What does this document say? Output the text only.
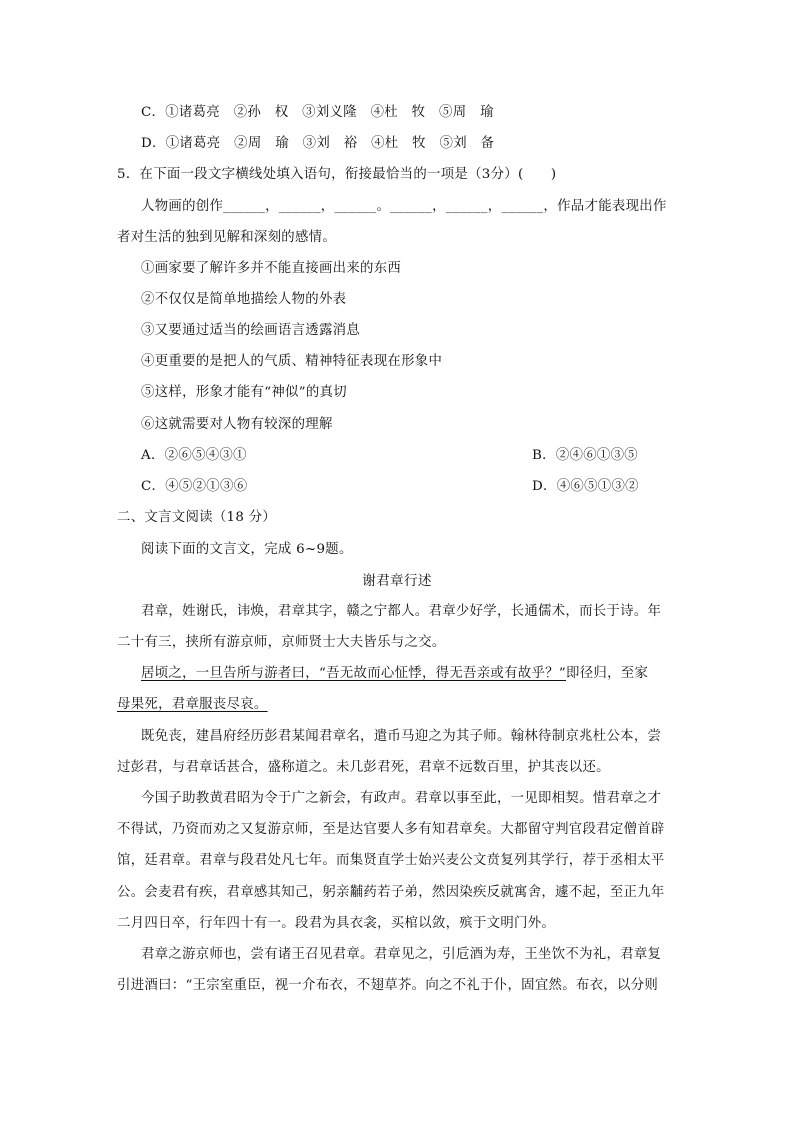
C．①诸葛亮　②孙　权　③刘义隆　④杜　牧　⑤周　瑜

D．①诸葛亮　②周　瑜　③刘　裕　④杜　牧　⑤刘　备

5．在下面一段文字横线处填入语句，衔接最恰当的一项是（3分）(　　)

人物画的创作______，______，______。______，______，______，作品才能表现出作

者对生活的独到见解和深刻的感情。

①画家要了解许多并不能直接画出来的东西

②不仅仅是简单地描绘人物的外表

③又要通过适当的绘画语言透露消息

④更重要的是把人的气质、精神特征表现在形象中

⑤这样，形象才能有“神似”的真切

⑥这就需要对人物有较深的理解

A．②⑥⑤④③①	B．②④⑥①③⑤

C．④⑤②①③⑥	D．④⑥⑤①③②

二、文言文阅读（18 分）

阅读下面的文言文，完成 6~9题。

谢君章行述

君章，姓谢氏，讳焕，君章其字，赣之宁都人。君章少好学，长通儒术，而长于诗。年

二十有三，挟所有游京师，京师贤士大夫皆乐与之交。

居顷之，一旦告所与游者曰，“吾无故而心怔悸，得无吾亲或有故乎？”即径归，至家

母果死，君章服丧尽哀。

既免丧，建昌府经历彭君某闻君章名，遣币马迎之为其子师。翰林待制京兆杜公本，尝

过彭君，与君章话甚合，盛称道之。未几彭君死，君章不远数百里，护其丧以还。

今国子助教黄君昭为令于广之新会，有政声。君章以事至此，一见即相契。惜君章之才

不得试，乃资而劝之又复游京师，至是达官要人多有知君章矣。大都留守判官段君定僧首辟

馆，廷君章。君章与段君处凡七年。而集贤直学士始兴麦公文贲复列其学行，荐于丞相太平

公。会麦君有疾，君章感其知己，躬亲黼药若子弟，然因染疾反就寓舍，遽不起，至正九年

二月四日卒，行年四十有一。段君为具衣衾，买棺以敛，殡于文明门外。

君章之游京师也，尝有诸王召见君章。君章见之，引卮酒为寿，王坐饮不为礼，君章复

引进酒曰：“王宗室重臣，视一介布衣，不翅草芥。向之不礼于仆，固宜然。布衣，以分则
